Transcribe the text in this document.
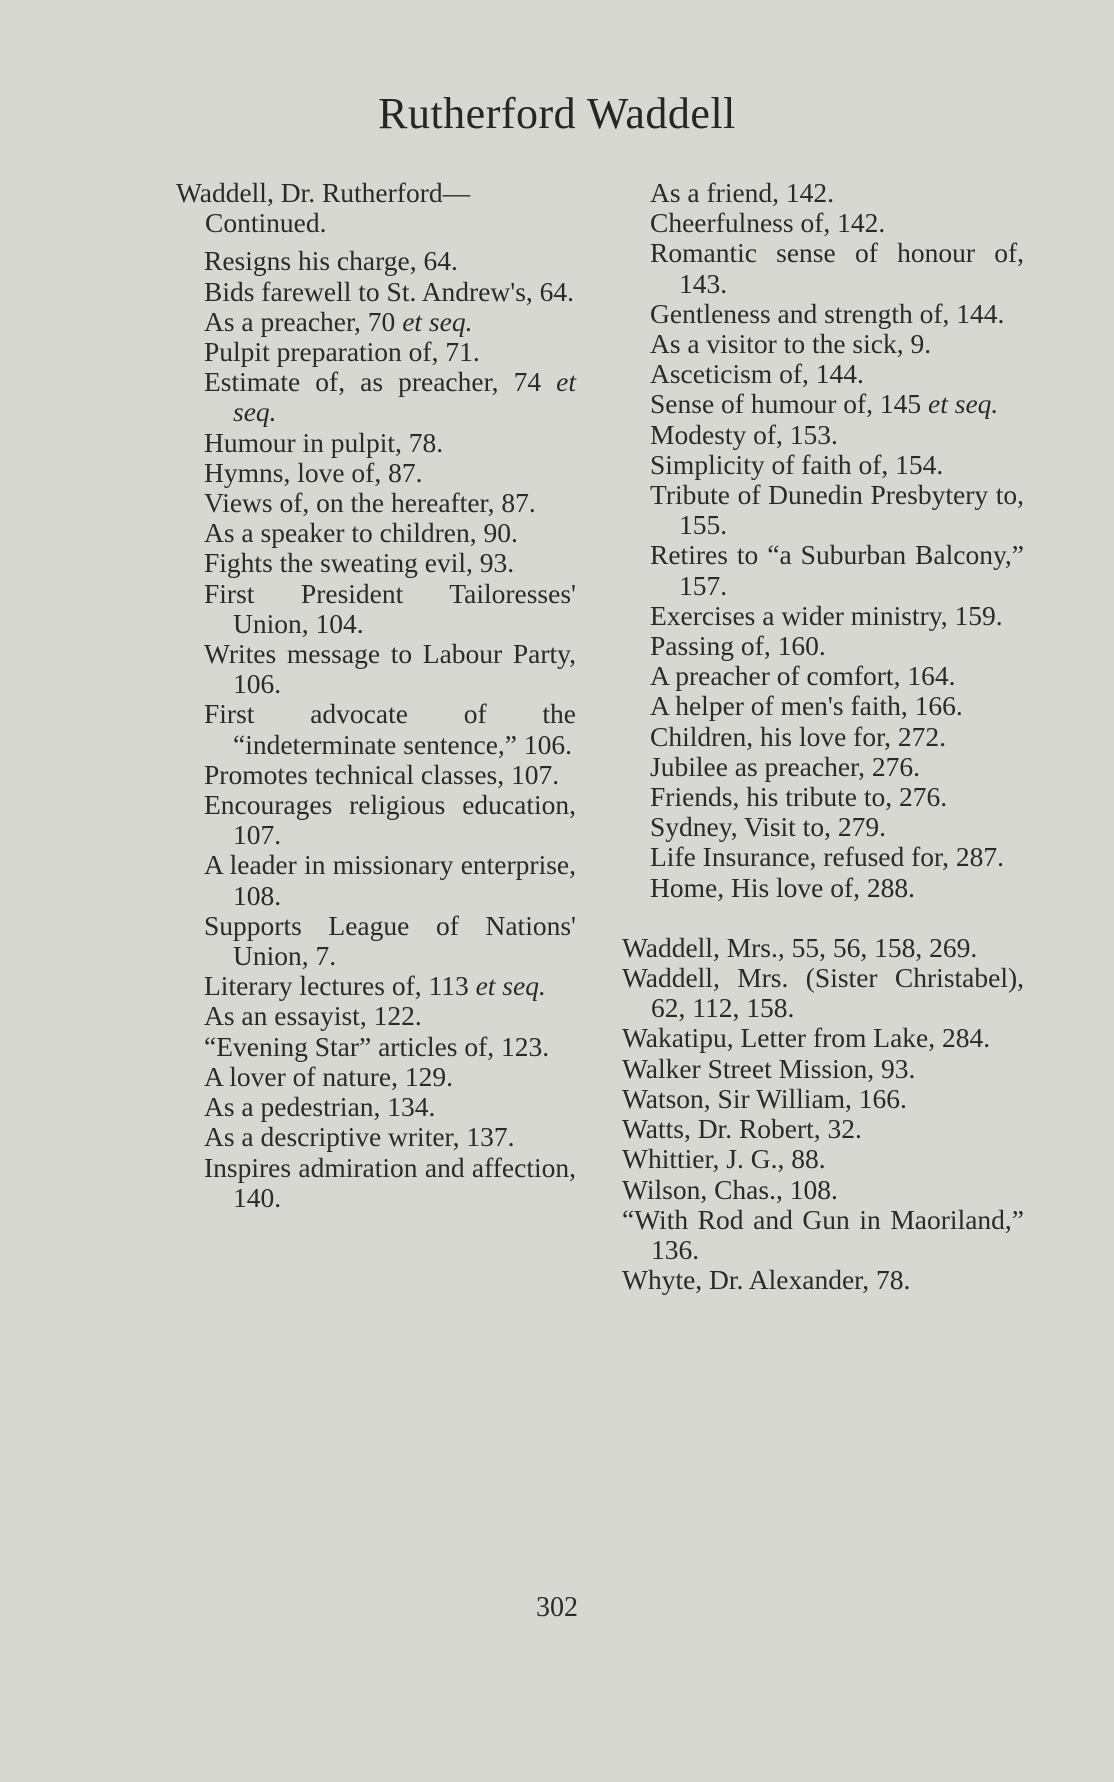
Rutherford Waddell
Waddell, Dr. Rutherford—
Continued.
Resigns his charge, 64.
Bids farewell to St. Andrew's, 64.
As a preacher, 70 et seq.
Pulpit preparation of, 71.
Estimate of, as preacher, 74 et seq.
Humour in pulpit, 78.
Hymns, love of, 87.
Views of, on the hereafter, 87.
As a speaker to children, 90.
Fights the sweating evil, 93.
First President Tailoresses' Union, 104.
Writes message to Labour Party, 106.
First advocate of the “indeterminate sentence,” 106.
Promotes technical classes, 107.
Encourages religious education, 107.
A leader in missionary enterprise, 108.
Supports League of Nations' Union, 7.
Literary lectures of, 113 et seq.
As an essayist, 122.
“Evening Star” articles of, 123.
A lover of nature, 129.
As a pedestrian, 134.
As a descriptive writer, 137.
Inspires admiration and affection, 140.
As a friend, 142.
Cheerfulness of, 142.
Romantic sense of honour of, 143.
Gentleness and strength of, 144.
As a visitor to the sick, 9.
Asceticism of, 144.
Sense of humour of, 145 et seq.
Modesty of, 153.
Simplicity of faith of, 154.
Tribute of Dunedin Presbytery to, 155.
Retires to “a Suburban Balcony,” 157.
Exercises a wider ministry, 159.
Passing of, 160.
A preacher of comfort, 164.
A helper of men's faith, 166.
Children, his love for, 272.
Jubilee as preacher, 276.
Friends, his tribute to, 276.
Sydney, Visit to, 279.
Life Insurance, refused for, 287.
Home, His love of, 288.
Waddell, Mrs., 55, 56, 158, 269.
Waddell, Mrs. (Sister Christabel), 62, 112, 158.
Wakatipu, Letter from Lake, 284.
Walker Street Mission, 93.
Watson, Sir William, 166.
Watts, Dr. Robert, 32.
Whittier, J. G., 88.
Wilson, Chas., 108.
“With Rod and Gun in Maoriland,” 136.
Whyte, Dr. Alexander, 78.
302
